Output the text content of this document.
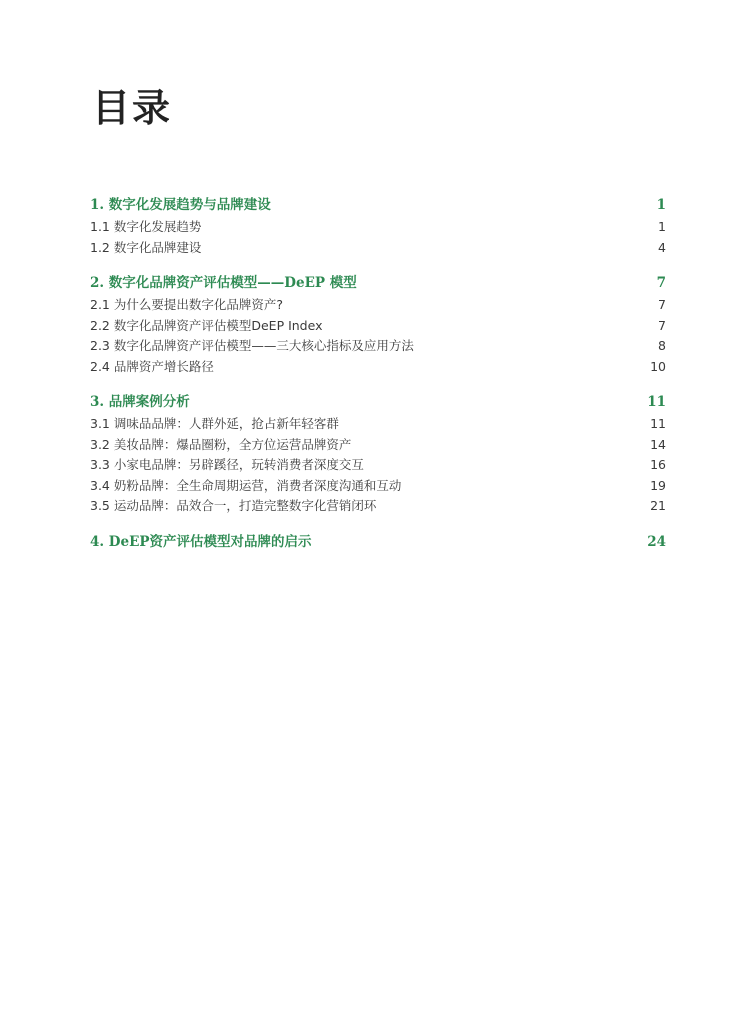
目录
1. 数字化发展趋势与品牌建设	1
1.1 数字化发展趋势	1
1.2 数字化品牌建设	4
2. 数字化品牌资产评估模型——DeEP 模型	7
2.1 为什么要提出数字化品牌资产?	7
2.2 数字化品牌资产评估模型DeEP Index	7
2.3 数字化品牌资产评估模型——三大核心指标及应用方法	8
2.4 品牌资产增长路径	10
3. 品牌案例分析	11
3.1 调味品品牌：人群外延，抢占新年轻客群	11
3.2 美妆品牌：爆品圈粉，全方位运营品牌资产	14
3.3 小家电品牌：另辟蹊径，玩转消费者深度交互	16
3.4 奶粉品牌：全生命周期运营，消费者深度沟通和互动	19
3.5 运动品牌：品效合一，打造完整数字化营销闭环	21
4. DeEP资产评估模型对品牌的启示	24
